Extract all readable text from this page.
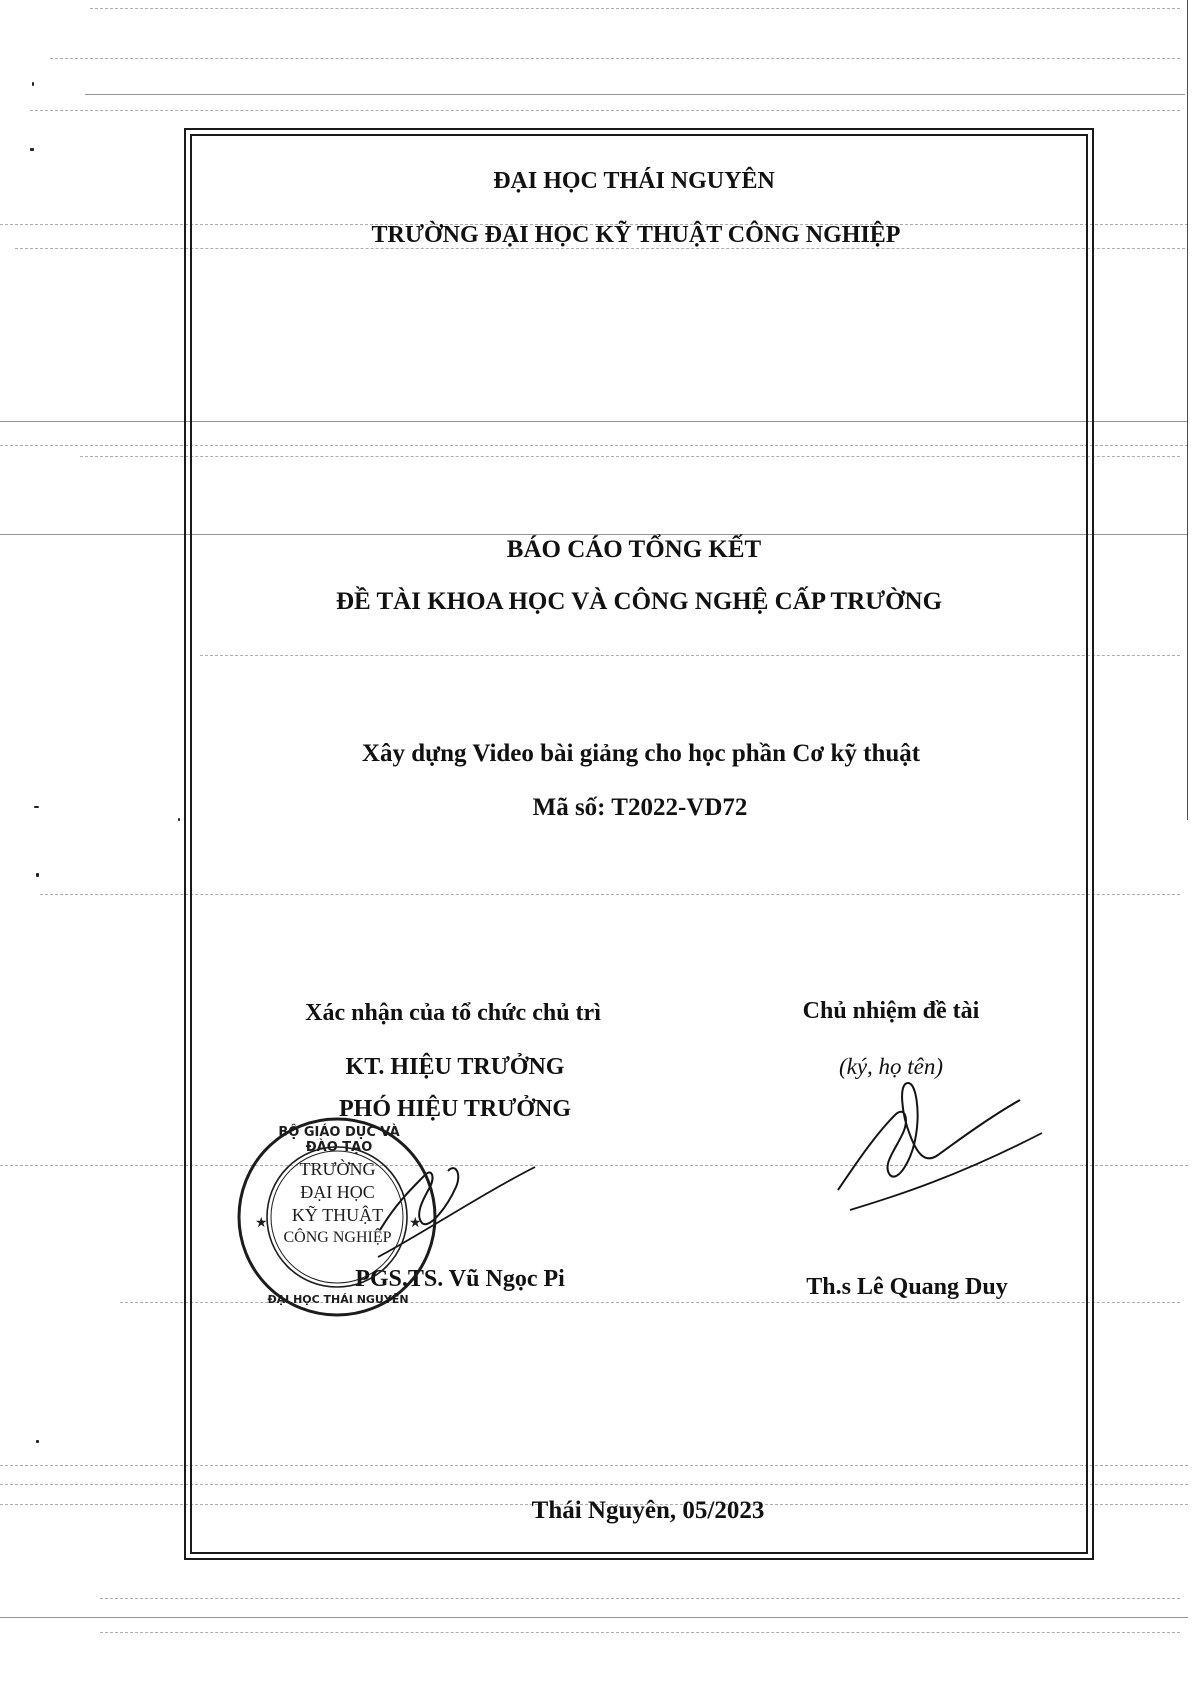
ĐẠI HỌC THÁI NGUYÊN
TRƯỜNG ĐẠI HỌC KỸ THUẬT CÔNG NGHIỆP
BÁO CÁO TỔNG KẾT
ĐỀ TÀI KHOA HỌC VÀ CÔNG NGHỆ CẤP TRƯỜNG
Xây dựng Video bài giảng cho học phần Cơ kỹ thuật
Mã số: T2022-VD72
Xác nhận của tổ chức chủ trì
KT. HIỆU TRƯỞNG
PHÓ HIỆU TRƯỞNG
PGS.TS. Vũ Ngọc Pi
Chủ nhiệm đề tài
(ký, họ tên)
Th.s Lê Quang Duy
★	★
BỘ GIÁO DỤC VÀ ĐÀO TẠO
ĐẠI HỌC THÁI NGUYÊN
TRƯỜNG
ĐẠI HỌC
KỸ THUẬT
CÔNG NGHIỆP
Thái Nguyên, 05/2023
